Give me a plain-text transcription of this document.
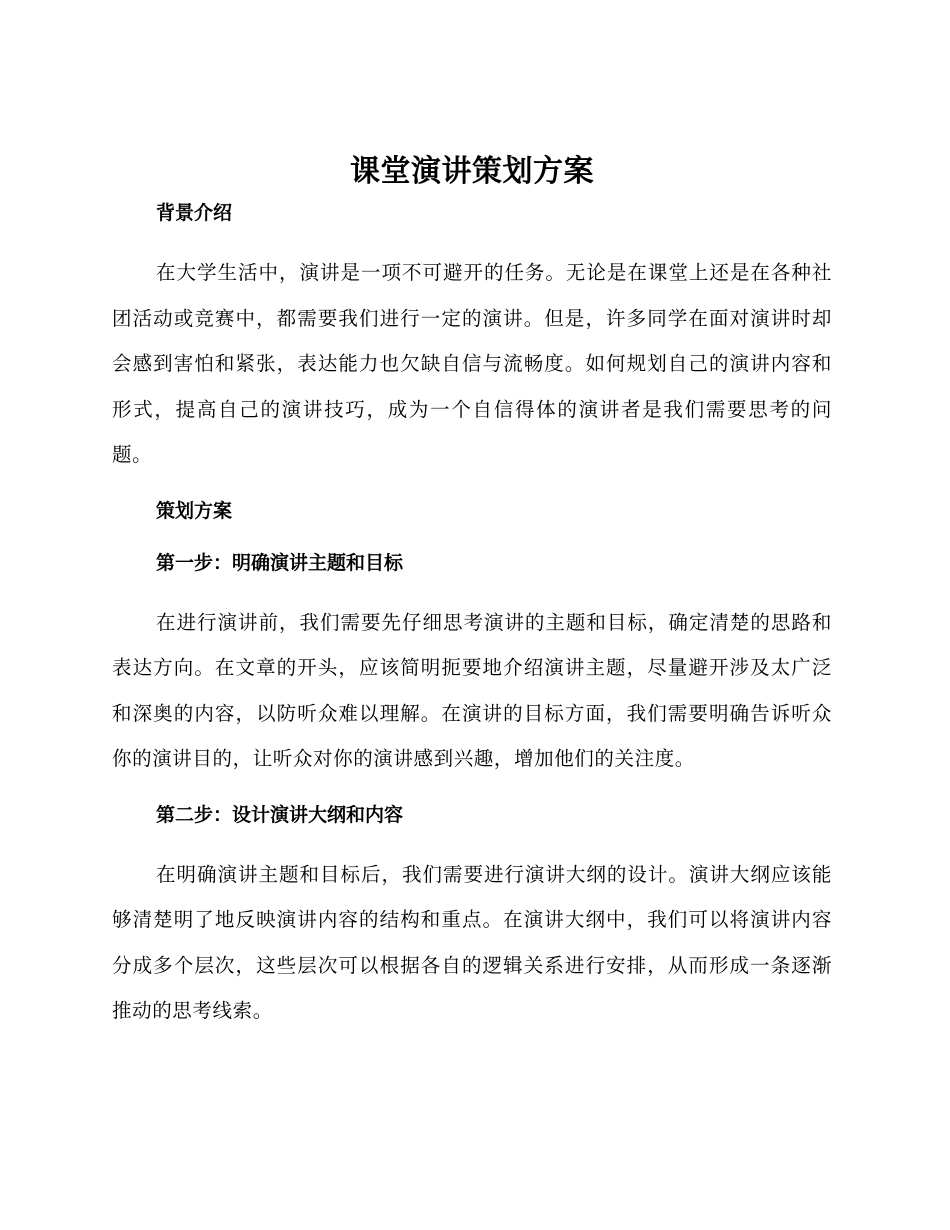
课堂演讲策划方案

背景介绍

在大学生活中，演讲是一项不可避开的任务。无论是在课堂上还是在各种社团活动或竞赛中，都需要我们进行一定的演讲。但是，许多同学在面对演讲时却会感到害怕和紧张，表达能力也欠缺自信与流畅度。如何规划自己的演讲内容和形式，提高自己的演讲技巧，成为一个自信得体的演讲者是我们需要思考的问题。

策划方案

第一步：明确演讲主题和目标

在进行演讲前，我们需要先仔细思考演讲的主题和目标，确定清楚的思路和表达方向。在文章的开头，应该简明扼要地介绍演讲主题，尽量避开涉及太广泛和深奥的内容，以防听众难以理解。在演讲的目标方面，我们需要明确告诉听众你的演讲目的，让听众对你的演讲感到兴趣，增加他们的关注度。

第二步：设计演讲大纲和内容

在明确演讲主题和目标后，我们需要进行演讲大纲的设计。演讲大纲应该能够清楚明了地反映演讲内容的结构和重点。在演讲大纲中，我们可以将演讲内容分成多个层次，这些层次可以根据各自的逻辑关系进行安排，从而形成一条逐渐推动的思考线索。
